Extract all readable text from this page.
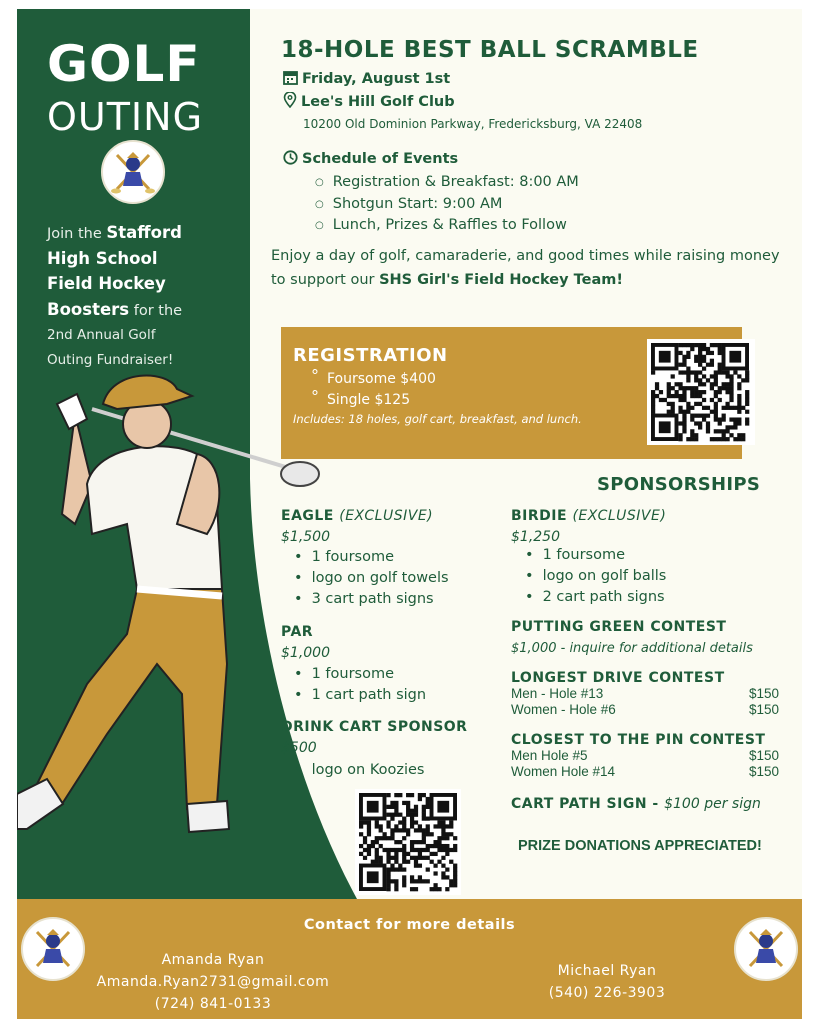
GOLF
OUTING
Join the Stafford
High School
Field Hockey
Boosters for the
2nd Annual Golf
Outing Fundraiser!
18-HOLE BEST BALL SCRAMBLE
Friday, August 1st
Lee's Hill Golf Club
10200 Old Dominion Parkway, Fredericksburg, VA 22408
Schedule of Events
○ Registration & Breakfast: 8:00 AM
○ Shotgun Start: 9:00 AM
○ Lunch, Prizes & Raffles to Follow
Enjoy a day of golf, camaraderie, and good times while raising money to support our SHS Girl's Field Hockey Team!
REGISTRATION
° Foursome $400
° Single $125
Includes: 18 holes, golf cart, breakfast, and lunch.
SPONSORSHIPS
EAGLE (EXCLUSIVE)
$1,500
• 1 foursome
• logo on golf towels
• 3 cart path signs
PAR
$1,000
• 1 foursome
• 1 cart path sign
DRINK CART SPONSOR
$500
• logo on Koozies
BIRDIE (EXCLUSIVE)
$1,250
• 1 foursome
• logo on golf balls
• 2 cart path signs
PUTTING GREEN CONTEST
$1,000 - inquire for additional details
LONGEST DRIVE CONTEST
Men - Hole #13	$150
Women - Hole #6	$150
CLOSEST TO THE PIN CONTEST
Men Hole #5	$150
Women Hole #14	$150
CART PATH SIGN - $100 per sign
PRIZE DONATIONS APPRECIATED!
Contact for more details
Amanda Ryan
Amanda.Ryan2731@gmail.com
(724) 841-0133
Michael Ryan
(540) 226-3903
